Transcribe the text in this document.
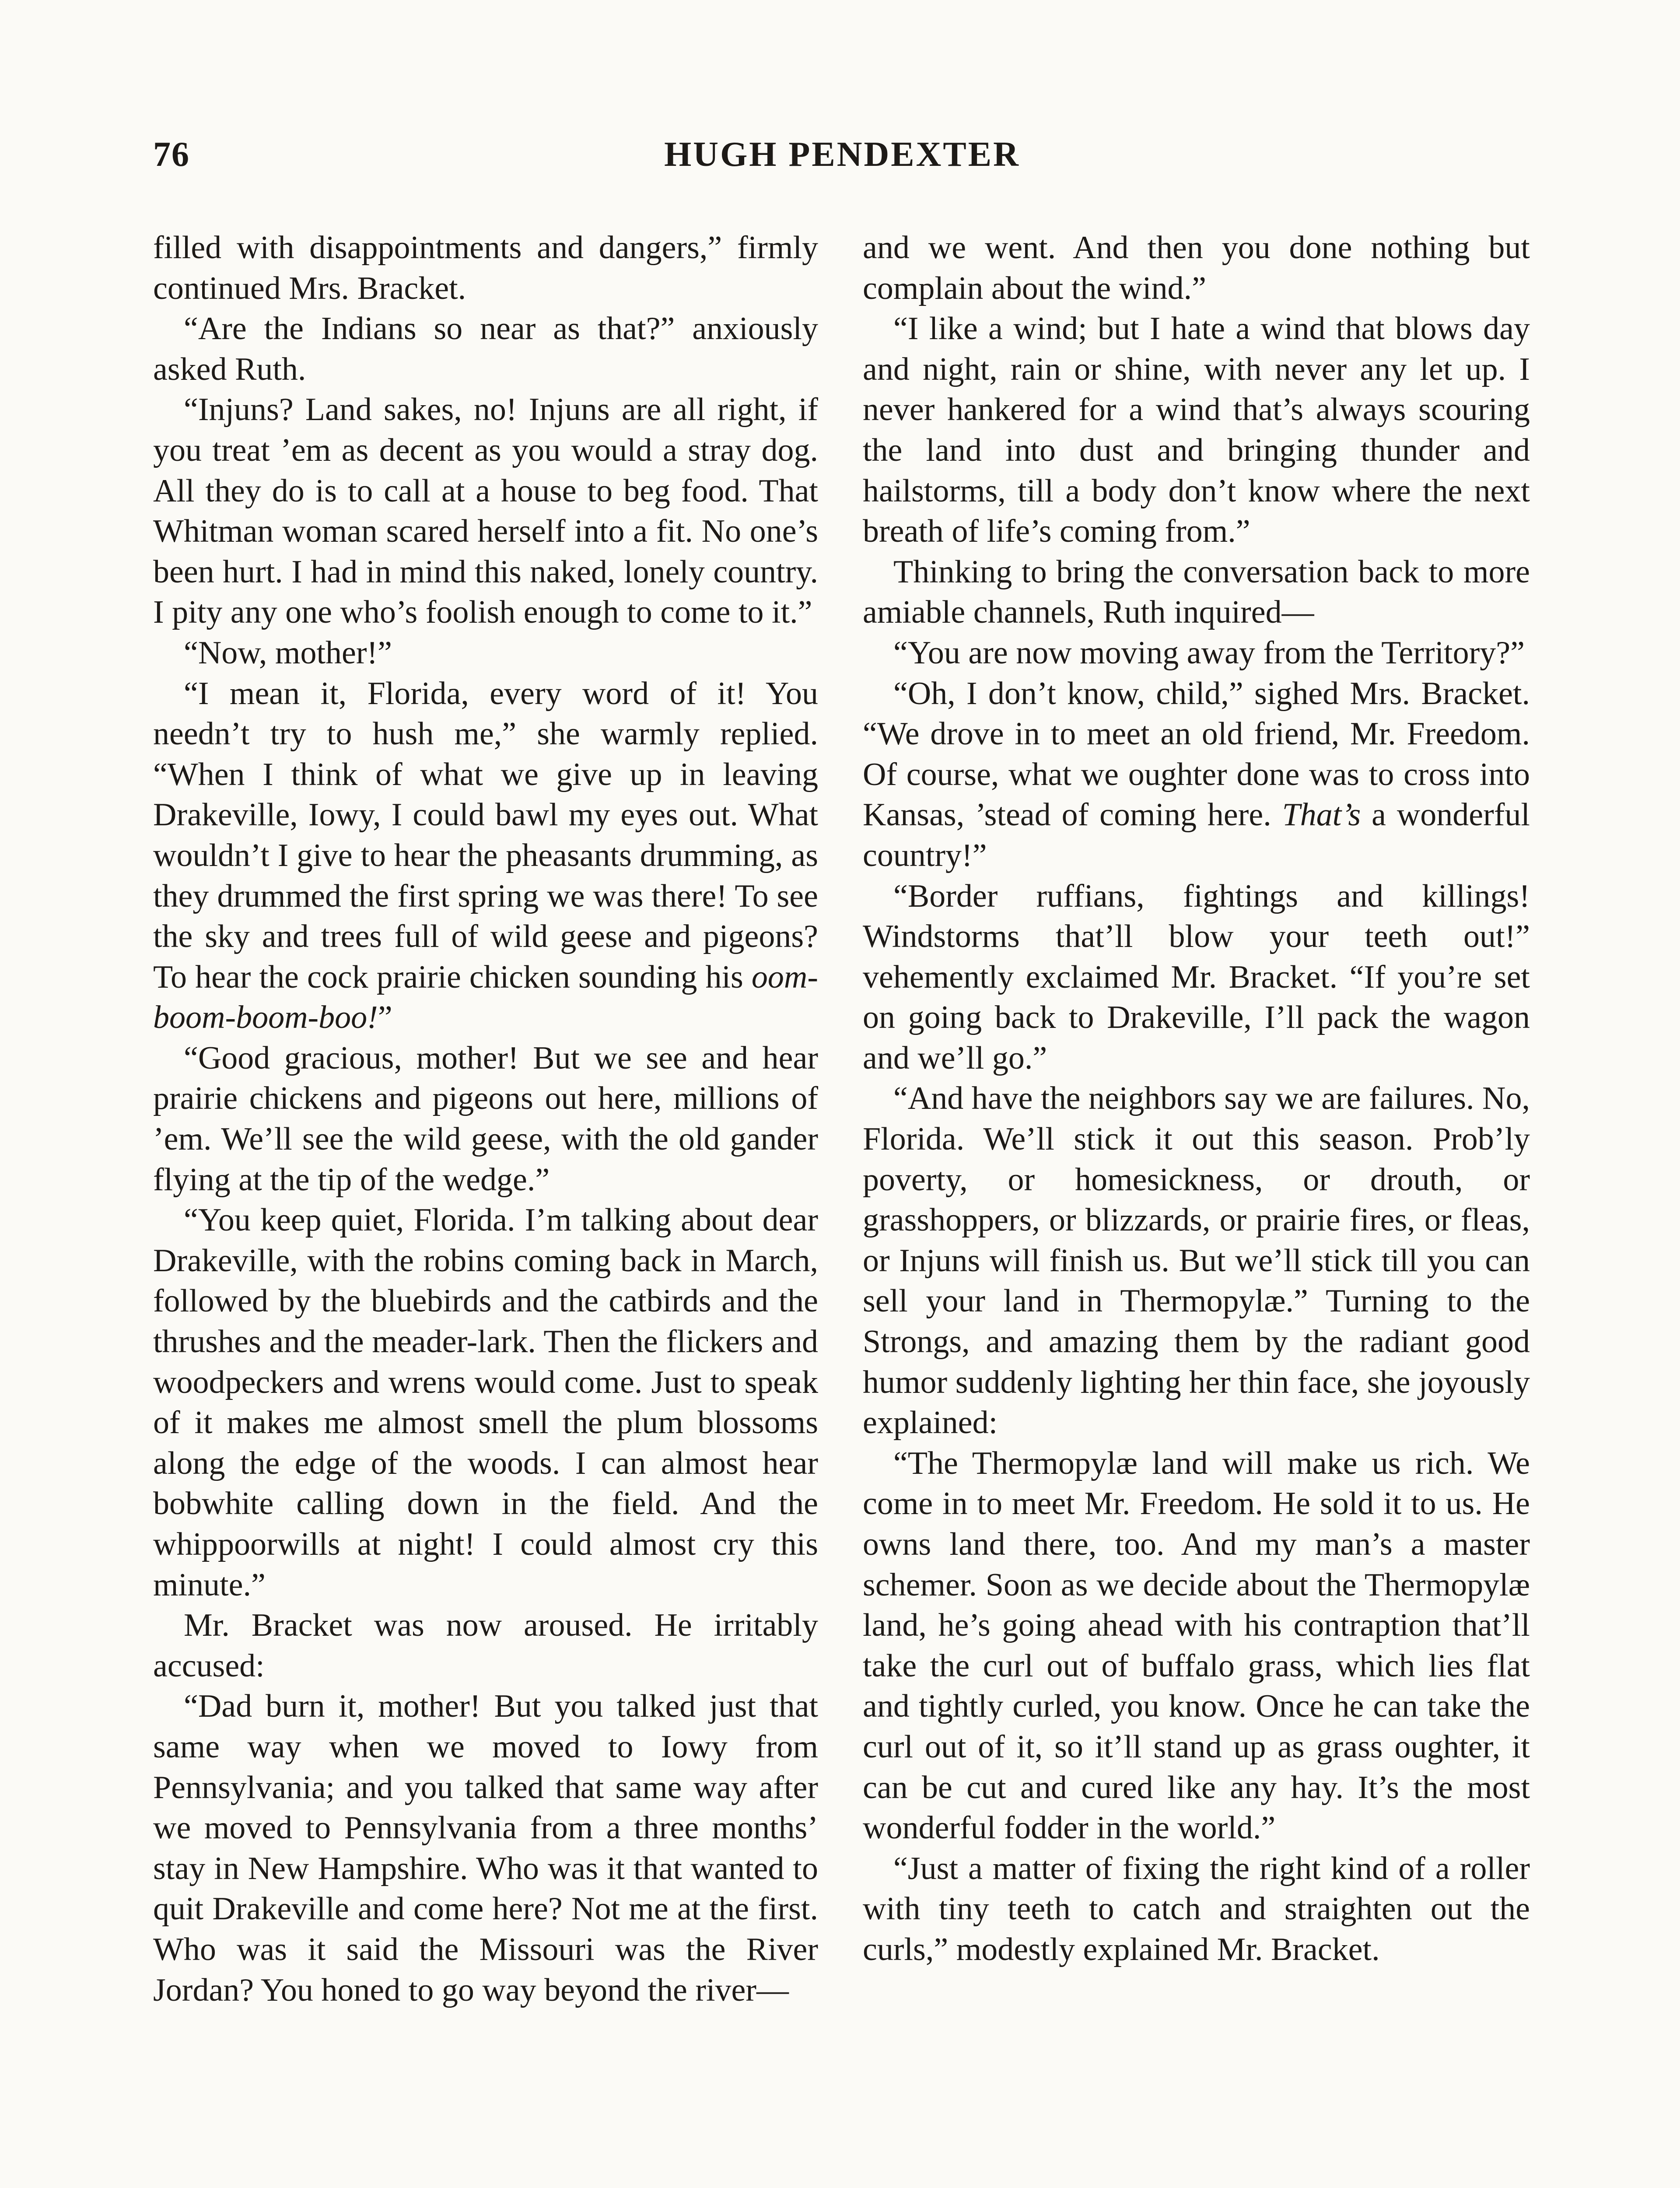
76	HUGH PENDEXTER

filled with disappointments and dangers,” firmly continued Mrs. Bracket.

“Are the Indians so near as that?” anxiously asked Ruth.

“Injuns? Land sakes, no! Injuns are all right, if you treat ’em as decent as you would a stray dog. All they do is to call at a house to beg food. That Whitman woman scared herself into a fit. No one’s been hurt. I had in mind this naked, lonely country. I pity any one who’s foolish enough to come to it.”

“Now, mother!”

“I mean it, Florida, every word of it! You needn’t try to hush me,” she warmly replied. “When I think of what we give up in leaving Drakeville, Iowy, I could bawl my eyes out. What wouldn’t I give to hear the pheasants drumming, as they drummed the first spring we was there! To see the sky and trees full of wild geese and pigeons? To hear the cock prairie chicken sounding his oom-boom-boom-boo!”

“Good gracious, mother! But we see and hear prairie chickens and pigeons out here, millions of ’em. We’ll see the wild geese, with the old gander flying at the tip of the wedge.”

“You keep quiet, Florida. I’m talking about dear Drakeville, with the robins coming back in March, followed by the bluebirds and the catbirds and the thrushes and the meader-lark. Then the flickers and woodpeckers and wrens would come. Just to speak of it makes me almost smell the plum blossoms along the edge of the woods. I can almost hear bobwhite calling down in the field. And the whippoorwills at night! I could almost cry this minute.”

Mr. Bracket was now aroused. He irritably accused:

“Dad burn it, mother! But you talked just that same way when we moved to Iowy from Pennsylvania; and you talked that same way after we moved to Pennsylvania from a three months’ stay in New Hampshire. Who was it that wanted to quit Drakeville and come here? Not me at the first. Who was it said the Missouri was the River Jordan? You honed to go way beyond the river—

and we went. And then you done nothing but complain about the wind.”

“I like a wind; but I hate a wind that blows day and night, rain or shine, with never any let up. I never hankered for a wind that’s always scouring the land into dust and bringing thunder and hailstorms, till a body don’t know where the next breath of life’s coming from.”

Thinking to bring the conversation back to more amiable channels, Ruth inquired—

“You are now moving away from the Territory?”

“Oh, I don’t know, child,” sighed Mrs. Bracket. “We drove in to meet an old friend, Mr. Freedom. Of course, what we oughter done was to cross into Kansas, ’stead of coming here. That’s a wonderful country!”

“Border ruffians, fightings and killings! Windstorms that’ll blow your teeth out!” vehemently exclaimed Mr. Bracket. “If you’re set on going back to Drakeville, I’ll pack the wagon and we’ll go.”

“And have the neighbors say we are failures. No, Florida. We’ll stick it out this season. Prob’ly poverty, or homesickness, or drouth, or grasshoppers, or blizzards, or prairie fires, or fleas, or Injuns will finish us. But we’ll stick till you can sell your land in Thermopylæ.” Turning to the Strongs, and amazing them by the radiant good humor suddenly lighting her thin face, she joyously explained:

“The Thermopylæ land will make us rich. We come in to meet Mr. Freedom. He sold it to us. He owns land there, too. And my man’s a master schemer. Soon as we decide about the Thermopylæ land, he’s going ahead with his contraption that’ll take the curl out of buffalo grass, which lies flat and tightly curled, you know. Once he can take the curl out of it, so it’ll stand up as grass oughter, it can be cut and cured like any hay. It’s the most wonderful fodder in the world.”

“Just a matter of fixing the right kind of a roller with tiny teeth to catch and straighten out the curls,” modestly explained Mr. Bracket.
